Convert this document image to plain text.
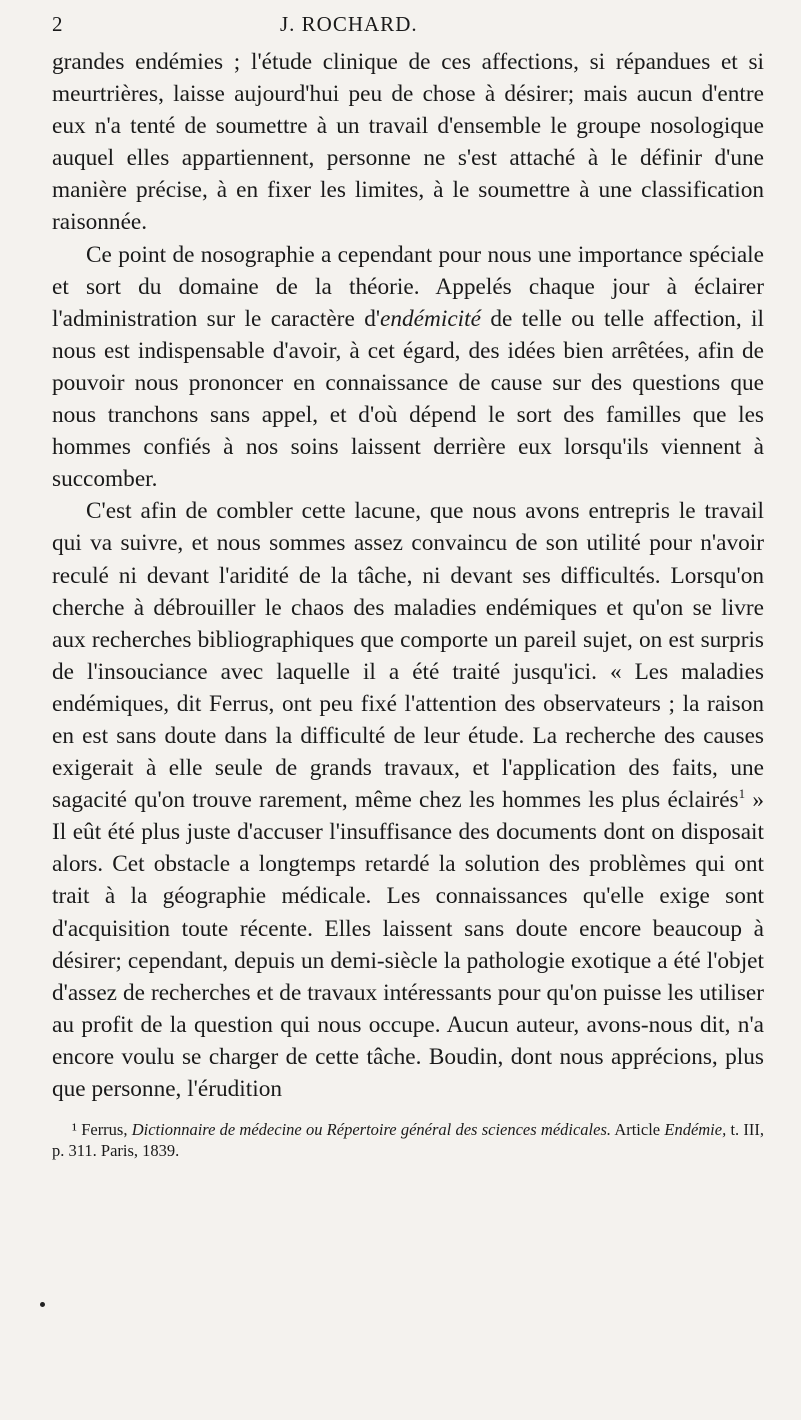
2	J. ROCHARD.

grandes endémies ; l'étude clinique de ces affections, si répandues et si meurtrières, laisse aujourd'hui peu de chose à désirer; mais aucun d'entre eux n'a tenté de soumettre à un travail d'ensemble le groupe nosologique auquel elles appartiennent, personne ne s'est attaché à le définir d'une manière précise, à en fixer les limites, à le soumettre à une classification raisonnée.

Ce point de nosographie a cependant pour nous une importance spéciale et sort du domaine de la théorie. Appelés chaque jour à éclairer l'administration sur le caractère d'endémicité de telle ou telle affection, il nous est indispensable d'avoir, à cet égard, des idées bien arrêtées, afin de pouvoir nous prononcer en connaissance de cause sur des questions que nous tranchons sans appel, et d'où dépend le sort des familles que les hommes confiés à nos soins laissent derrière eux lorsqu'ils viennent à succomber.

C'est afin de combler cette lacune, que nous avons entrepris le travail qui va suivre, et nous sommes assez convaincu de son utilité pour n'avoir reculé ni devant l'aridité de la tâche, ni devant ses difficultés. Lorsqu'on cherche à débrouiller le chaos des maladies endémiques et qu'on se livre aux recherches bibliographiques que comporte un pareil sujet, on est surpris de l'insouciance avec laquelle il a été traité jusqu'ici. « Les maladies endémiques, dit Ferrus, ont peu fixé l'attention des observateurs ; la raison en est sans doute dans la difficulté de leur étude. La recherche des causes exigerait à elle seule de grands travaux, et l'application des faits, une sagacité qu'on trouve rarement, même chez les hommes les plus éclairés$^1$ » Il eût été plus juste d'accuser l'insuffisance des documents dont on disposait alors. Cet obstacle a longtemps retardé la solution des problèmes qui ont trait à la géographie médicale. Les connaissances qu'elle exige sont d'acquisition toute récente. Elles laissent sans doute encore beaucoup à désirer; cependant, depuis un demi-siècle la pathologie exotique a été l'objet d'assez de recherches et de travaux intéressants pour qu'on puisse les utiliser au profit de la question qui nous occupe. Aucun auteur, avons-nous dit, n'a encore voulu se charger de cette tâche. Boudin, dont nous apprécions, plus que personne, l'érudition

¹ Ferrus, Dictionnaire de médecine ou Répertoire général des sciences médicales. Article Endémie, t. III, p. 311. Paris, 1839.
